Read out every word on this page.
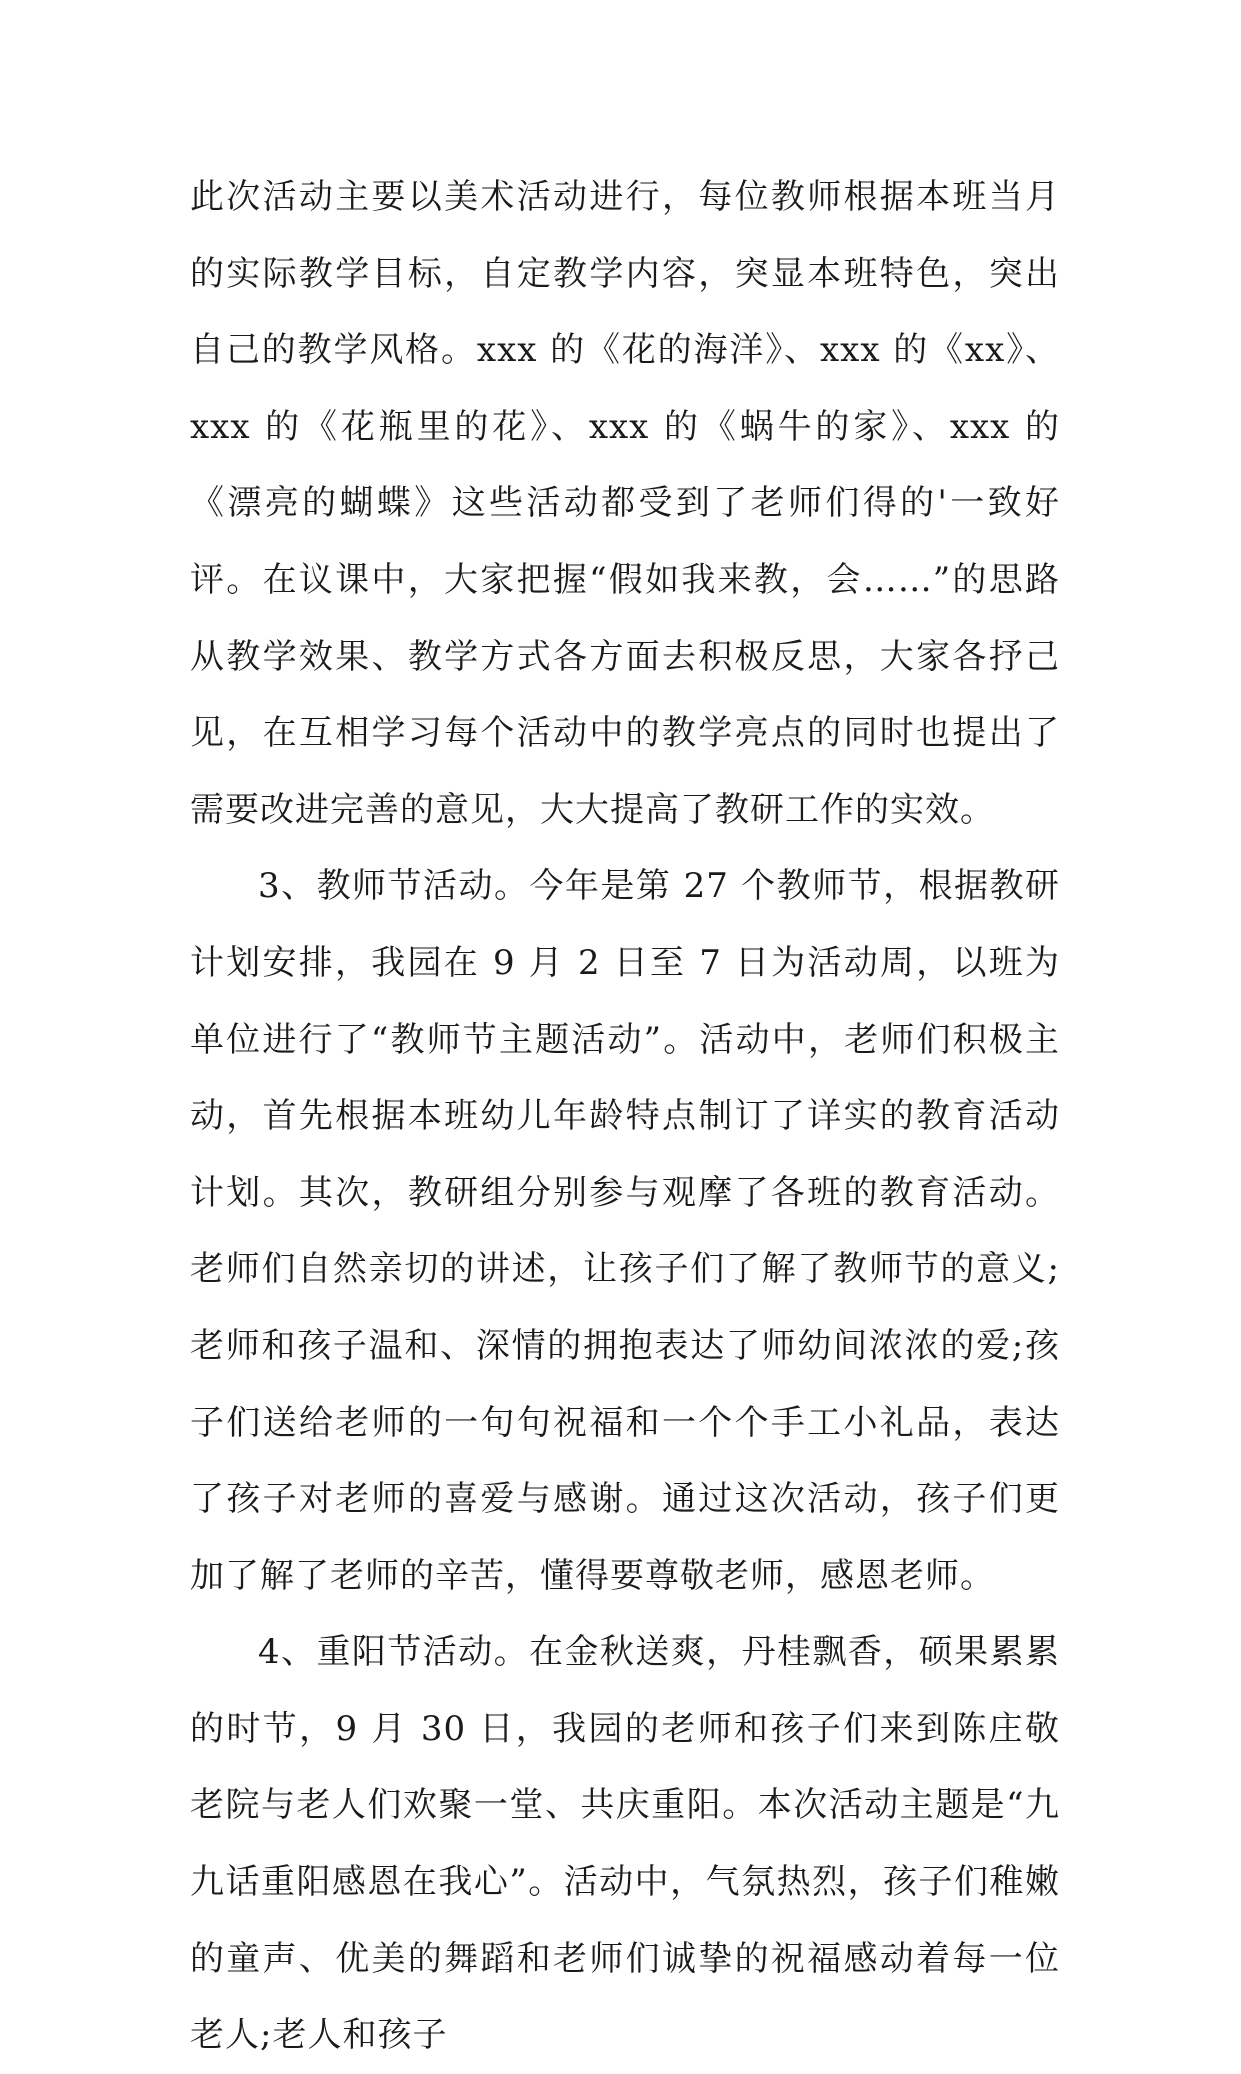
此次活动主要以美术活动进行，每位教师根据本班当月的实际教学目标，自定教学内容，突显本班特色，突出自己的教学风格。xxx 的《花的海洋》、xxx 的《xx》、xxx 的《花瓶里的花》、xxx 的《蜗牛的家》、xxx 的《漂亮的蝴蝶》这些活动都受到了老师们得的'一致好评。在议课中，大家把握“假如我来教，会……”的思路从教学效果、教学方式各方面去积极反思，大家各抒己见，在互相学习每个活动中的教学亮点的同时也提出了需要改进完善的意见，大大提高了教研工作的实效。

3、教师节活动。今年是第 27 个教师节，根据教研计划安排，我园在 9 月 2 日至 7 日为活动周，以班为单位进行了“教师节主题活动”。活动中，老师们积极主动，首先根据本班幼儿年龄特点制订了详实的教育活动计划。其次，教研组分别参与观摩了各班的教育活动。老师们自然亲切的讲述，让孩子们了解了教师节的意义;老师和孩子温和、深情的拥抱表达了师幼间浓浓的爱;孩子们送给老师的一句句祝福和一个个手工小礼品，表达了孩子对老师的喜爱与感谢。通过这次活动，孩子们更加了解了老师的辛苦，懂得要尊敬老师，感恩老师。

4、重阳节活动。在金秋送爽，丹桂飘香，硕果累累的时节，9 月 30 日，我园的老师和孩子们来到陈庄敬老院与老人们欢聚一堂、共庆重阳。本次活动主题是“九九话重阳感恩在我心”。活动中，气氛热烈，孩子们稚嫩的童声、优美的舞蹈和老师们诚挚的祝福感动着每一位老人;老人和孩子
